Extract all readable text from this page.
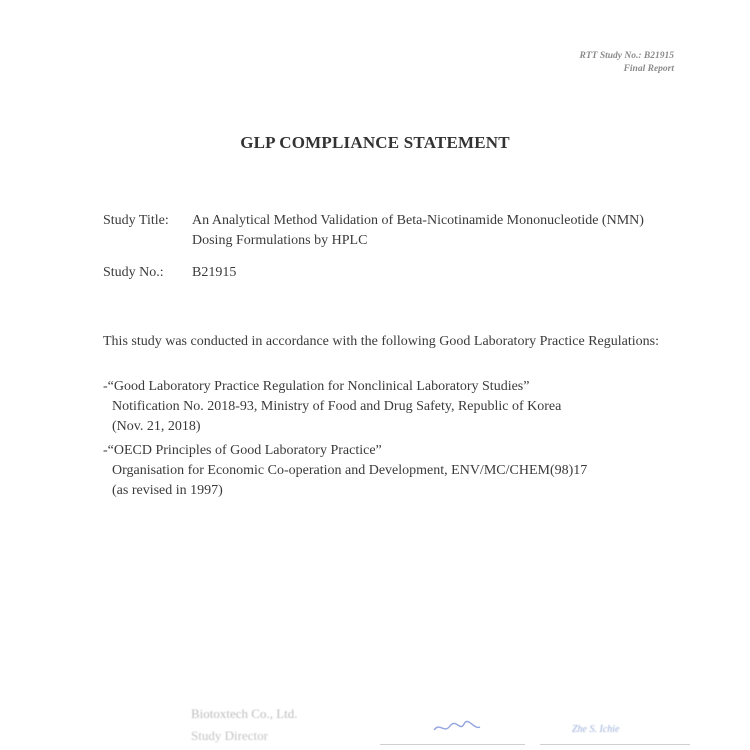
RTT Study No.: B21915
Final Report
GLP COMPLIANCE STATEMENT
Study Title: An Analytical Method Validation of Beta-Nicotinamide Mononucleotide (NMN)
Dosing Formulations by HPLC
Study No.: B21915
This study was conducted in accordance with the following Good Laboratory Practice Regulations:
-“Good Laboratory Practice Regulation for Nonclinical Laboratory Studies”
Notification No. 2018-93, Ministry of Food and Drug Safety, Republic of Korea
(Nov. 21, 2018)
-“OECD Principles of Good Laboratory Practice”
Organisation for Economic Co-operation and Development, ENV/MC/CHEM(98)17
(as revised in 1997)
Biotoxtech Co., Ltd.
Study Director	Zhe S. Ichie
